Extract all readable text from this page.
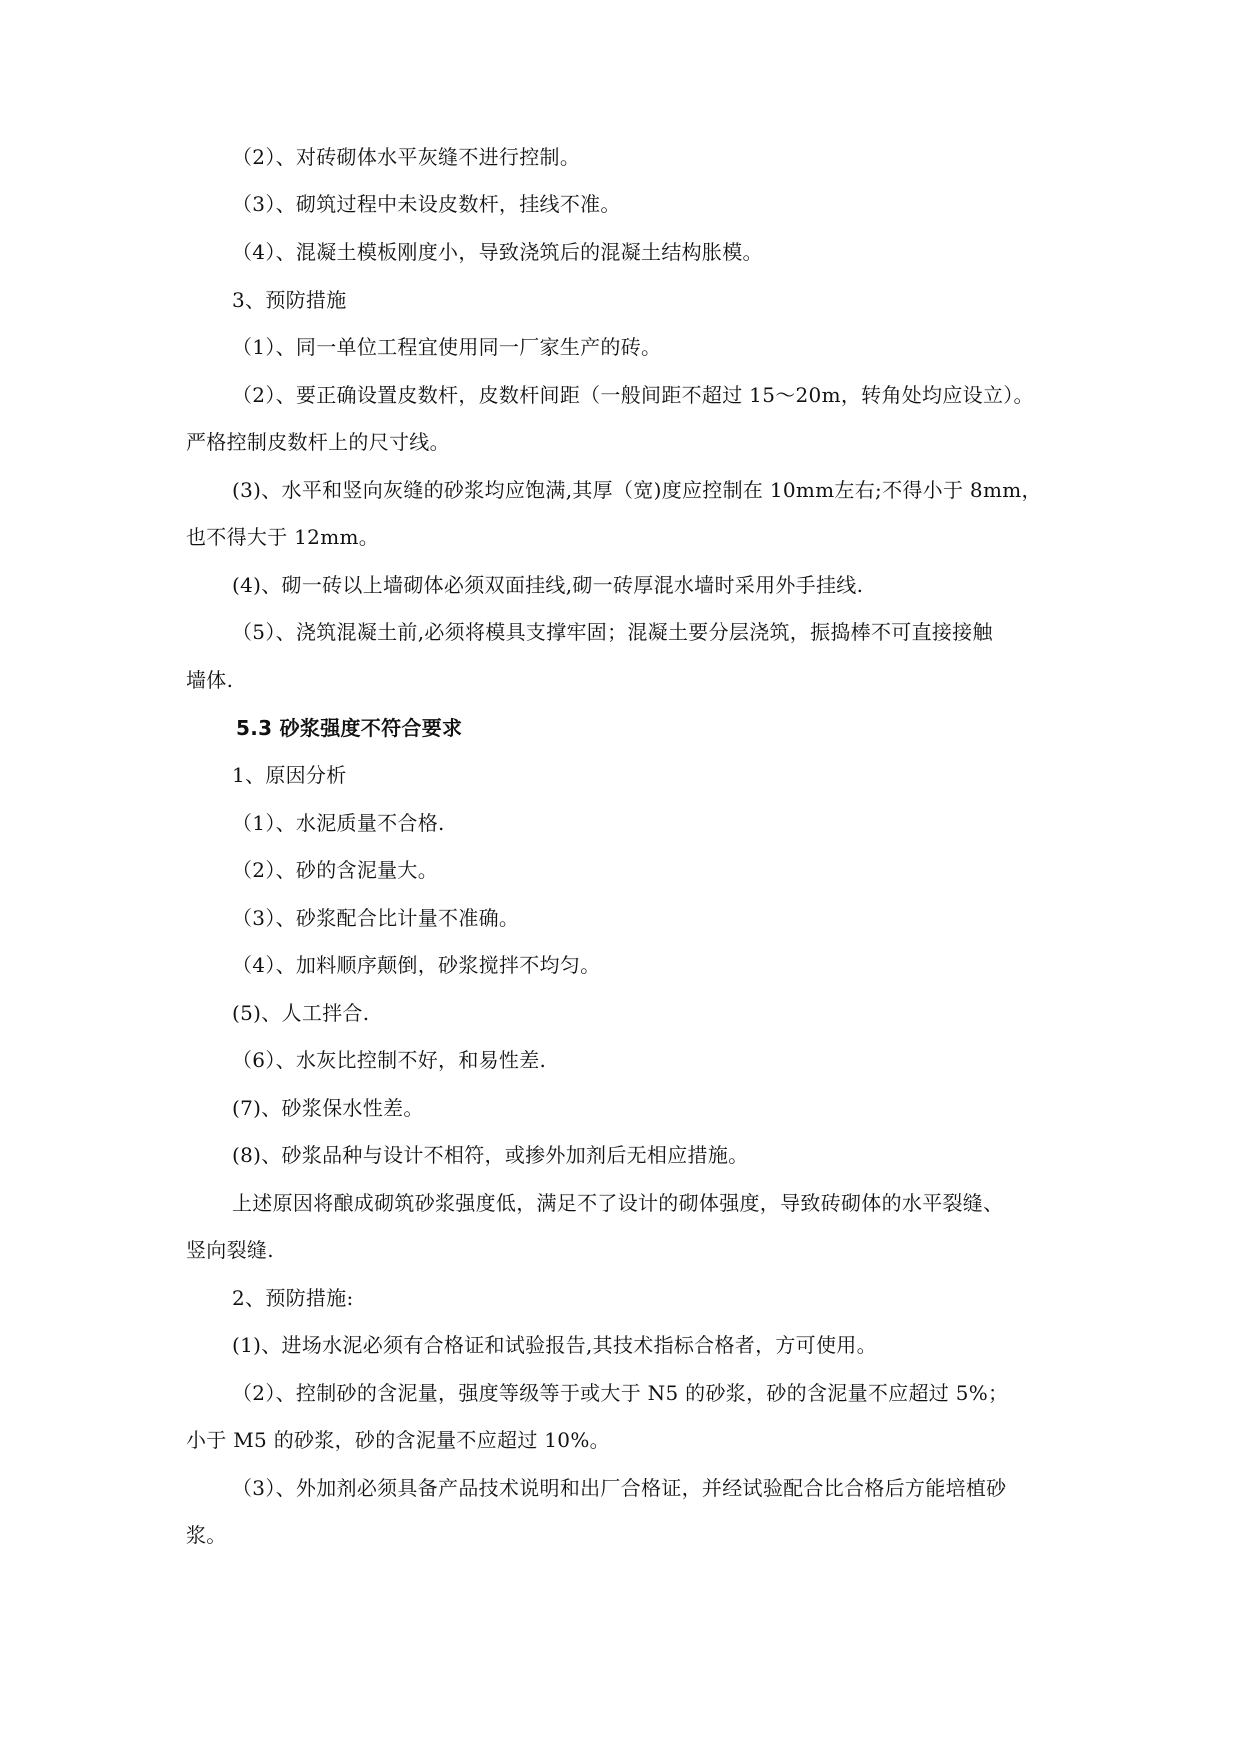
（2）、对砖砌体水平灰缝不进行控制。
（3）、砌筑过程中未设皮数杆，挂线不准。
（4）、混凝土模板刚度小，导致浇筑后的混凝土结构胀模。
3、预防措施
（1）、同一单位工程宜使用同一厂家生产的砖。
（2）、要正确设置皮数杆，皮数杆间距（一般间距不超过 15～20m，转角处均应设立）。
严格控制皮数杆上的尺寸线。
(3)、水平和竖向灰缝的砂浆均应饱满,其厚（宽)度应控制在 10mm左右;不得小于 8mm，
也不得大于 12mm。
(4)、砌一砖以上墙砌体必须双面挂线,砌一砖厚混水墙时采用外手挂线.
（5）、浇筑混凝土前,必须将模具支撑牢固；混凝土要分层浇筑，振捣棒不可直接接触
墙体.
5.3 砂浆强度不符合要求
1、原因分析
（1）、水泥质量不合格.
（2）、砂的含泥量大。
（3）、砂浆配合比计量不准确。
（4）、加料顺序颠倒，砂浆搅拌不均匀。
(5)、人工拌合.
（6）、水灰比控制不好，和易性差.
(7)、砂浆保水性差。
(8)、砂浆品种与设计不相符，或掺外加剂后无相应措施。
上述原因将酿成砌筑砂浆强度低，满足不了设计的砌体强度，导致砖砌体的水平裂缝、
竖向裂缝.
2、预防措施:
(1)、进场水泥必须有合格证和试验报告,其技术指标合格者，方可使用。
（2）、控制砂的含泥量，强度等级等于或大于 N5 的砂浆，砂的含泥量不应超过 5%；
小于 M5 的砂浆，砂的含泥量不应超过 10%。
（3）、外加剂必须具备产品技术说明和出厂合格证，并经试验配合比合格后方能培植砂
浆。
